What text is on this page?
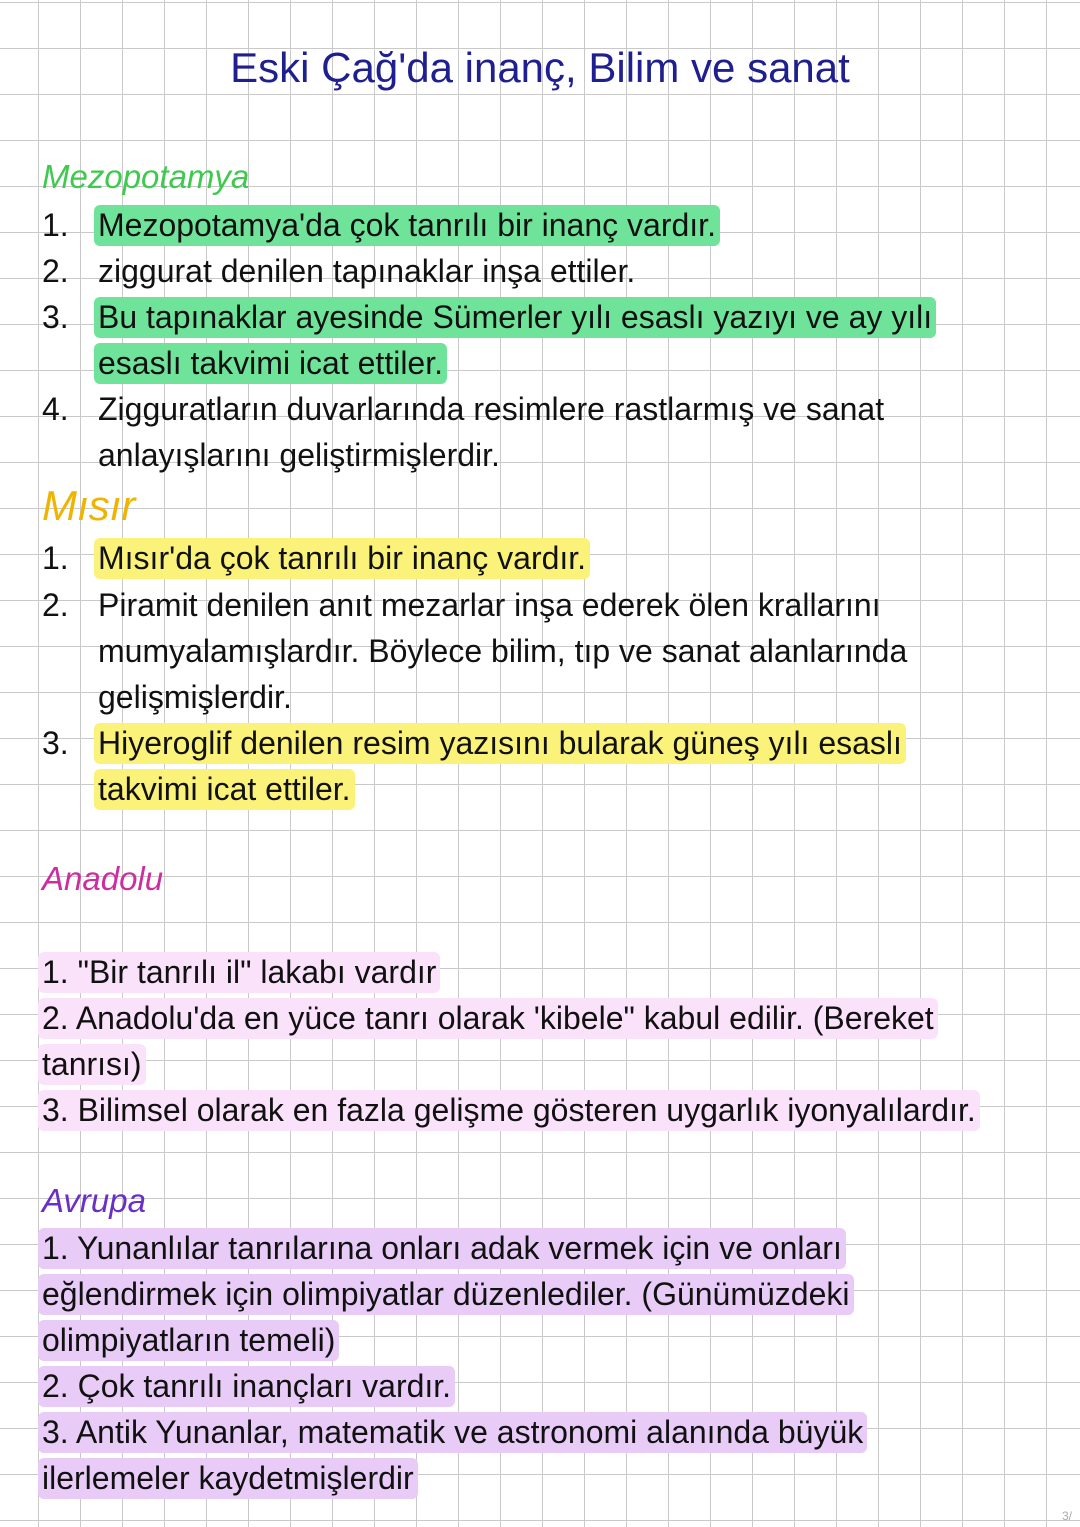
Eski Çağ'da inanç, Bilim ve sanat
Mezopotamya
1. Mezopotamya'da çok tanrılı bir inanç vardır.
2. ziggurat denilen tapınaklar inşa ettiler.
3. Bu tapınaklar ayesinde Sümerler yılı esaslı yazıyı ve ay yılı
esaslı takvimi icat ettiler.
4. Zigguratların duvarlarında resimlere rastlarmış ve sanat
anlayışlarını geliştirmişlerdir.
Mısır
1. Mısır'da çok tanrılı bir inanç vardır.
2. Piramit denilen anıt mezarlar inşa ederek ölen krallarını
mumyalamışlardır. Böylece bilim, tıp ve sanat alanlarında
gelişmişlerdir.
3. Hiyeroglif denilen resim yazısını bularak güneş yılı esaslı
takvimi icat ettiler.
Anadolu
1. "Bir tanrılı il" lakabı vardır
2. Anadolu'da en yüce tanrı olarak 'kibele" kabul edilir. (Bereket
tanrısı)
3. Bilimsel olarak en fazla gelişme gösteren uygarlık iyonyalılardır.
Avrupa
1. Yunanlılar tanrılarına onları adak vermek için ve onları
eğlendirmek için olimpiyatlar düzenlediler. (Günümüzdeki
olimpiyatların temeli)
2. Çok tanrılı inançları vardır.
3. Antik Yunanlar, matematik ve astronomi alanında büyük
ilerlemeler kaydetmişlerdir
3/
